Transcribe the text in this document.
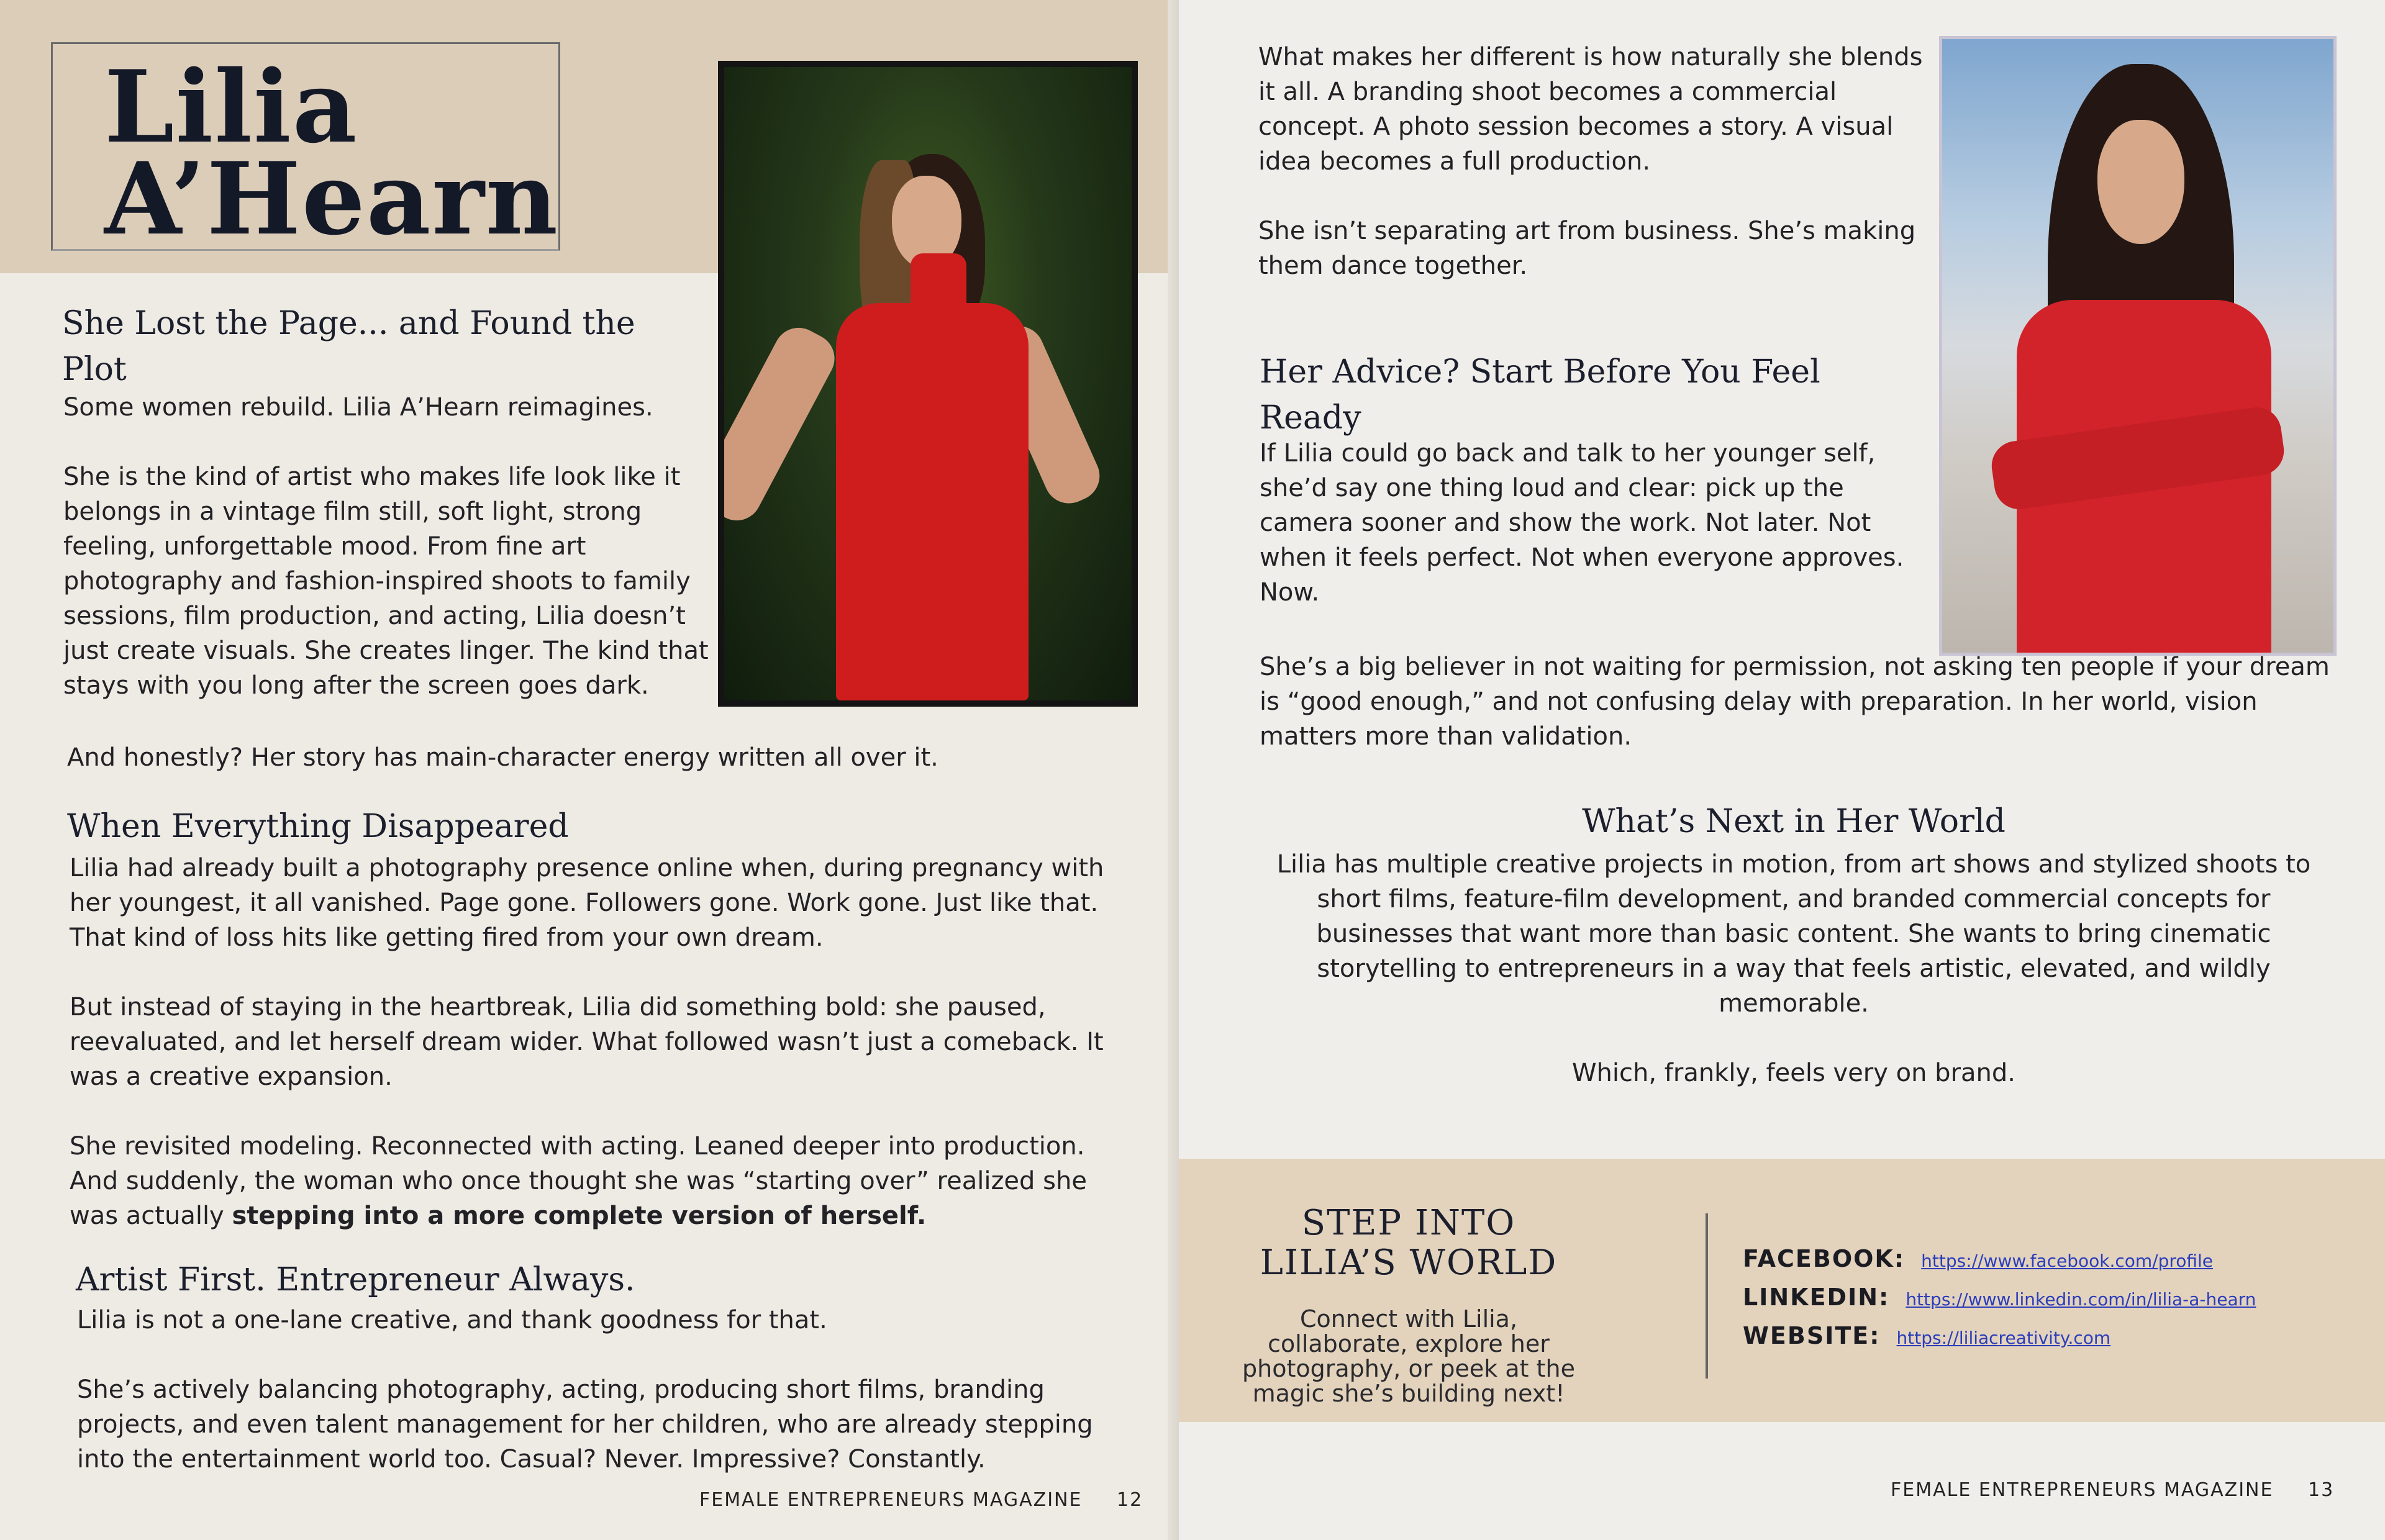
Lilia
A’Hearn
She Lost the Page... and Found the Plot

Some women rebuild. Lilia A’Hearn reimagines.

She is the kind of artist who makes life look like it belongs in a vintage film still, soft light, strong feeling, unforgettable mood. From fine art photography and fashion-inspired shoots to family sessions, film production, and acting, Lilia doesn’t just create visuals. She creates linger. The kind that stays with you long after the screen goes dark.

And honestly? Her story has main-character energy written all over it.
When Everything Disappeared

Lilia had already built a photography presence online when, during pregnancy with her youngest, it all vanished. Page gone. Followers gone. Work gone. Just like that. That kind of loss hits like getting fired from your own dream.

But instead of staying in the heartbreak, Lilia did something bold: she paused, reevaluated, and let herself dream wider. What followed wasn’t just a comeback. It was a creative expansion.

She revisited modeling. Reconnected with acting. Leaned deeper into production. And suddenly, the woman who once thought she was “starting over” realized she was actually stepping into a more complete version of herself.

Artist First. Entrepreneur Always.

Lilia is not a one-lane creative, and thank goodness for that.

She’s actively balancing photography, acting, producing short films, branding projects, and even talent management for her children, who are already stepping into the entertainment world too. Casual? Never. Impressive? Constantly.

FEMALE ENTREPRENEURS MAGAZINE 12

What makes her different is how naturally she blends it all. A branding shoot becomes a commercial concept. A photo session becomes a story. A visual idea becomes a full production.

She isn’t separating art from business. She’s making them dance together.

Her Advice? Start Before You Feel Ready
If Lilia could go back and talk to her younger self, she’d say one thing loud and clear: pick up the camera sooner and show the work. Not later. Not when it feels perfect. Not when everyone approves. Now.
She’s a big believer in not waiting for permission, not asking ten people if your dream is “good enough,” and not confusing delay with preparation. In her world, vision matters more than validation.
What’s Next in Her World

Lilia has multiple creative projects in motion, from art shows and stylized shoots to short films, feature-film development, and branded commercial concepts for businesses that want more than basic content. She wants to bring cinematic storytelling to entrepreneurs in a way that feels artistic, elevated, and wildly memorable.

Which, frankly, feels very on brand.

STEP INTO LILIA’S WORLD
Connect with Lilia, collaborate, explore her photography, or peek at the magic she’s building next!
FACEBOOK: https://www.facebook.com/profile
LINKEDIN: https://www.linkedin.com/in/lilia-a-hearn
WEBSITE: https://liliacreativity.com
FEMALE ENTREPRENEURS MAGAZINE 13
